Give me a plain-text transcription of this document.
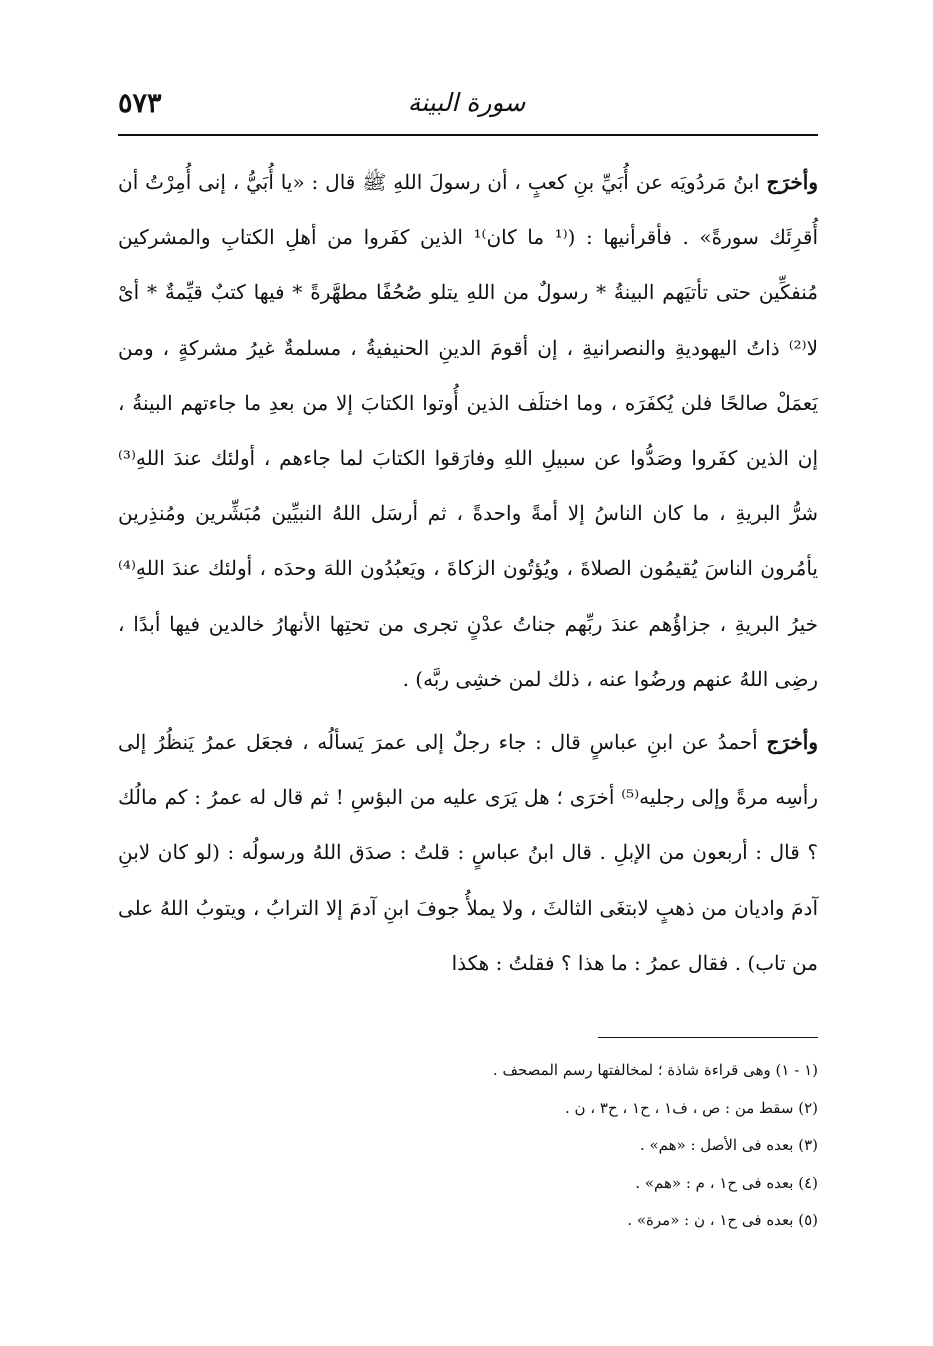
٥٧٣	سورة البينة

وأخرَج ابنُ مَردُويَه عن أُبَيِّ بنِ كعبٍ ، أن رسولَ اللهِ ﷺ قال : «يا أُبَيُّ ، إنى أُمِرْتُ أن أُقرِئَك سورةً» . فأقرأنيها : (⁽¹ ما كان⁾¹ الذين كفَروا من أهلِ الكتابِ والمشركين مُنفكِّين حتى تأتيَهم البينةُ * رسولٌ من اللهِ يتلو صُحُفًا مطهَّرةً * فيها كتبٌ قيِّمةٌ * أىْ لا⁽²⁾ ذاتُ اليهوديةِ والنصرانيةِ ، إن أقومَ الدينِ الحنيفيةُ ، مسلمةٌ غيرُ مشركةٍ ، ومن يَعمَلْ صالحًا فلن يُكفَرَه ، وما اختلَف الذين أُوتوا الكتابَ إلا من بعدِ ما جاءتهم البينةُ ، إن الذين كفَروا وصَدُّوا عن سبيلِ اللهِ وفارَقوا الكتابَ لما جاءهم ، أولئك عندَ اللهِ⁽³⁾ شرُّ البريةِ ، ما كان الناسُ إلا أمةً واحدةً ، ثم أرسَل اللهُ النبيِّين مُبَشِّرين ومُنذِرين يأمُرون الناسَ يُقيمُون الصلاةَ ، ويُؤتُون الزكاةَ ، ويَعبُدُون اللهَ وحدَه ، أولئك عندَ اللهِ⁽⁴⁾ خيرُ البريةِ ، جزاؤُهم عندَ ربِّهم جناتُ عدْنٍ تجرى من تحتِها الأنهارُ خالدين فيها أبدًا ، رضِى اللهُ عنهم ورضُوا عنه ، ذلك لمن خشِى ربَّه) .

وأخرَج أحمدُ عن ابنِ عباسٍ قال : جاء رجلٌ إلى عمرَ يَسألُه ، فجعَل عمرُ يَنظُرُ إلى رأسِه مرةً وإلى رجليه⁽⁵⁾ أخرَى ؛ هل يَرَى عليه من البؤسِ ! ثم قال له عمرُ : كم مالُك ؟ قال : أربعون من الإبلِ . قال ابنُ عباسٍ : قلتُ : صدَق اللهُ ورسولُه : (لو كان لابنِ آدمَ واديان من ذهبٍ لابتغَى الثالثَ ، ولا يملأُ جوفَ ابنِ آدمَ إلا الترابُ ، ويتوبُ اللهُ على من تاب) . فقال عمرُ : ما هذا ؟ فقلتُ : هكذا

(١ - ١) وهى قراءة شاذة ؛ لمخالفتها رسم المصحف .
(٢) سقط من : ص ، ف١ ، ح١ ، ح٣ ، ن .
(٣) بعده فى الأصل : «هم» .
(٤) بعده فى ح١ ، م : «هم» .
(٥) بعده فى ح١ ، ن : «مرة» .
